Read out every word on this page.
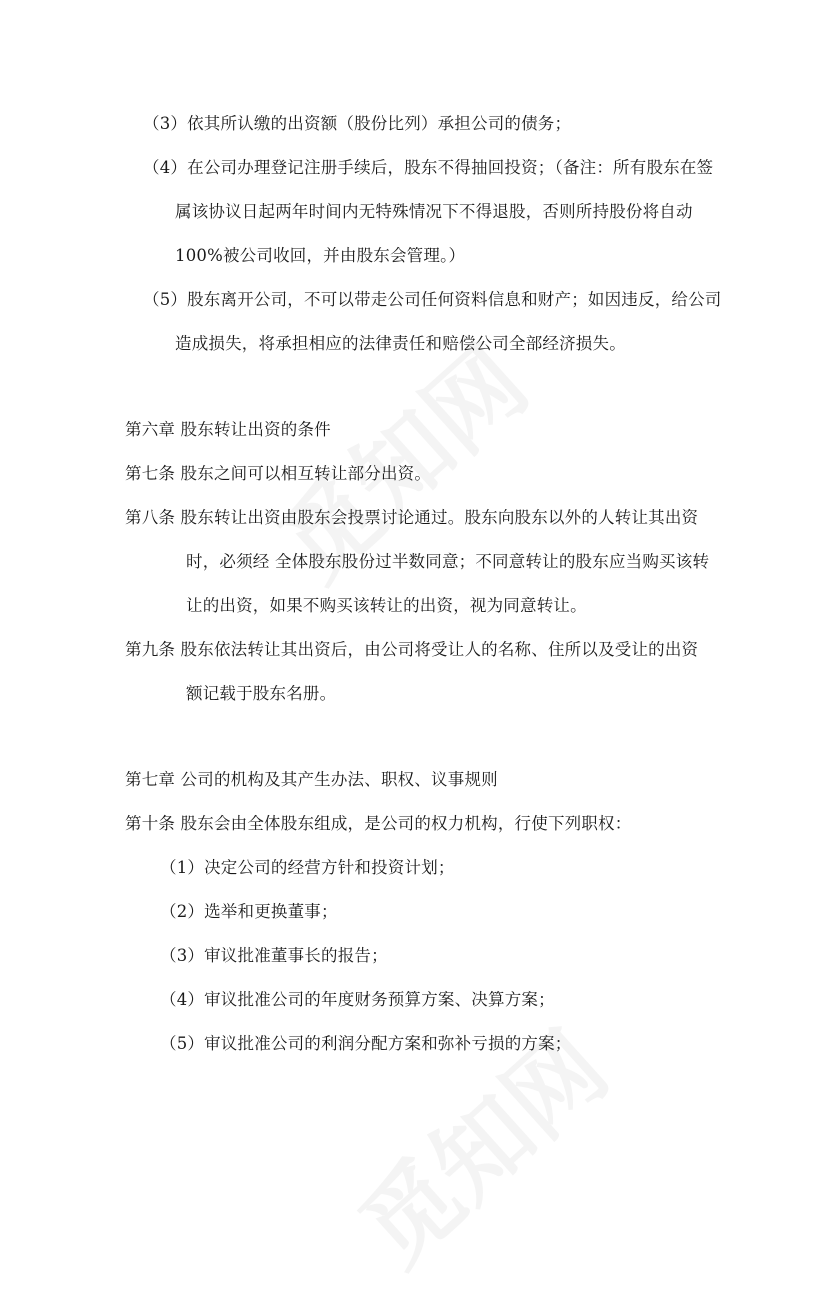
（3）依其所认缴的出资额（股份比列）承担公司的债务；
（4）在公司办理登记注册手续后，股东不得抽回投资；（备注：所有股东在签
属该协议日起两年时间内无特殊情况下不得退股，否则所持股份将自动
100%被公司收回，并由股东会管理。）
（5）股东离开公司，不可以带走公司任何资料信息和财产；如因违反，给公司
造成损失，将承担相应的法律责任和赔偿公司全部经济损失。
第六章 股东转让出资的条件
第七条 股东之间可以相互转让部分出资。
第八条 股东转让出资由股东会投票讨论通过。股东向股东以外的人转让其出资
时，必须经 全体股东股份过半数同意；不同意转让的股东应当购买该转
让的出资，如果不购买该转让的出资，视为同意转让。
第九条 股东依法转让其出资后，由公司将受让人的名称、住所以及受让的出资
额记载于股东名册。
第七章 公司的机构及其产生办法、职权、议事规则
第十条 股东会由全体股东组成，是公司的权力机构，行使下列职权：
（1）决定公司的经营方针和投资计划；
（2）选举和更换董事；
（3）审议批准董事长的报告；
（4）审议批准公司的年度财务预算方案、决算方案；
（5）审议批准公司的利润分配方案和弥补亏损的方案；
